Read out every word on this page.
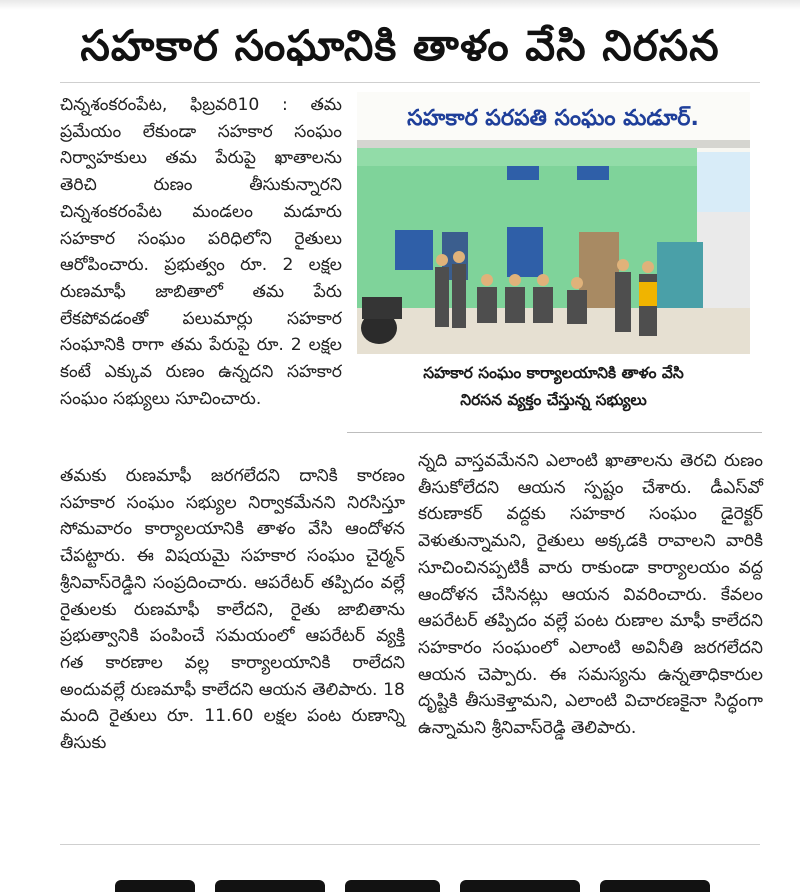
సహకార సంఘానికి తాళం వేసి నిరసన

చిన్నశంకరంపేట, ఫిబ్రవరి10 : తమ ప్రమేయం లేకుండా సహకార సంఘం నిర్వాహకులు తమ పేరుపై ఖాతాలను తెరిచి రుణం తీసుకున్నారని చిన్నశంకరంపేట మండలం మడూరు సహకార సంఘం పరిధిలోని రైతులు ఆరోపించారు. ప్రభుత్వం రూ. 2 లక్షల రుణమాఫీ జాబితాలో తమ పేరు లేకపోవడంతో పలుమార్లు సహకార సంఘానికి రాగా తమ పేరుపై రూ. 2 లక్షల కంటే ఎక్కువ రుణం ఉన్నదని సహకార సంఘం సభ్యులు సూచించారు.

సహకార పరపతి సంఘం మడూర్.
సహకార సంఘం కార్యాలయానికి తాళం వేసి
నిరసన వ్యక్తం చేస్తున్న సభ్యులు

తమకు రుణమాఫీ జరగలేదని దానికి కారణం సహకార సంఘం సభ్యుల నిర్వాకమేనని నిరసిస్తూ సోమవారం కార్యాలయానికి తాళం వేసి ఆందోళన చేపట్టారు. ఈ విషయమై సహకార సంఘం చైర్మన్ శ్రీనివాస్‌రెడ్డిని సంప్రదించారు. ఆపరేటర్ తప్పిదం వల్లే రైతులకు రుణమాఫీ కాలేదని, రైతు జాబితాను ప్రభుత్వానికి పంపించే సమయంలో ఆపరేటర్ వ్యక్తి గత కారణాల వల్ల కార్యాలయానికి రాలేదని అందువల్లే రుణమాఫీ కాలేదని ఆయన తెలిపారు. 18 మంది రైతులు రూ. 11.60 లక్షల పంట రుణాన్ని తీసుకు

న్నది వాస్తవమేనని ఎలాంటి ఖాతాలను తెరచి రుణం తీసుకోలేదని ఆయన స్పష్టం చేశారు. డీఎస్‌వో కరుణాకర్ వద్దకు సహకార సంఘం డైరెక్టర్ వెళుతున్నామని, రైతులు అక్కడకి రావాలని వారికి సూచించినప్పటికీ వారు రాకుండా కార్యాలయం వద్ద ఆందోళన చేసినట్లు ఆయన వివరించారు. కేవలం ఆపరేటర్ తప్పిదం వల్లే పంట రుణాల మాఫీ కాలేదని సహకారం సంఘంలో ఎలాంటి అవినీతి జరగలేదని ఆయన చెప్పారు. ఈ సమస్యను ఉన్నతాధికారుల దృష్టికి తీసుకెళ్తామని, ఎలాంటి విచారణకైనా సిద్ధంగా ఉన్నామని శ్రీనివాస్‌రెడ్డి తెలిపారు.
